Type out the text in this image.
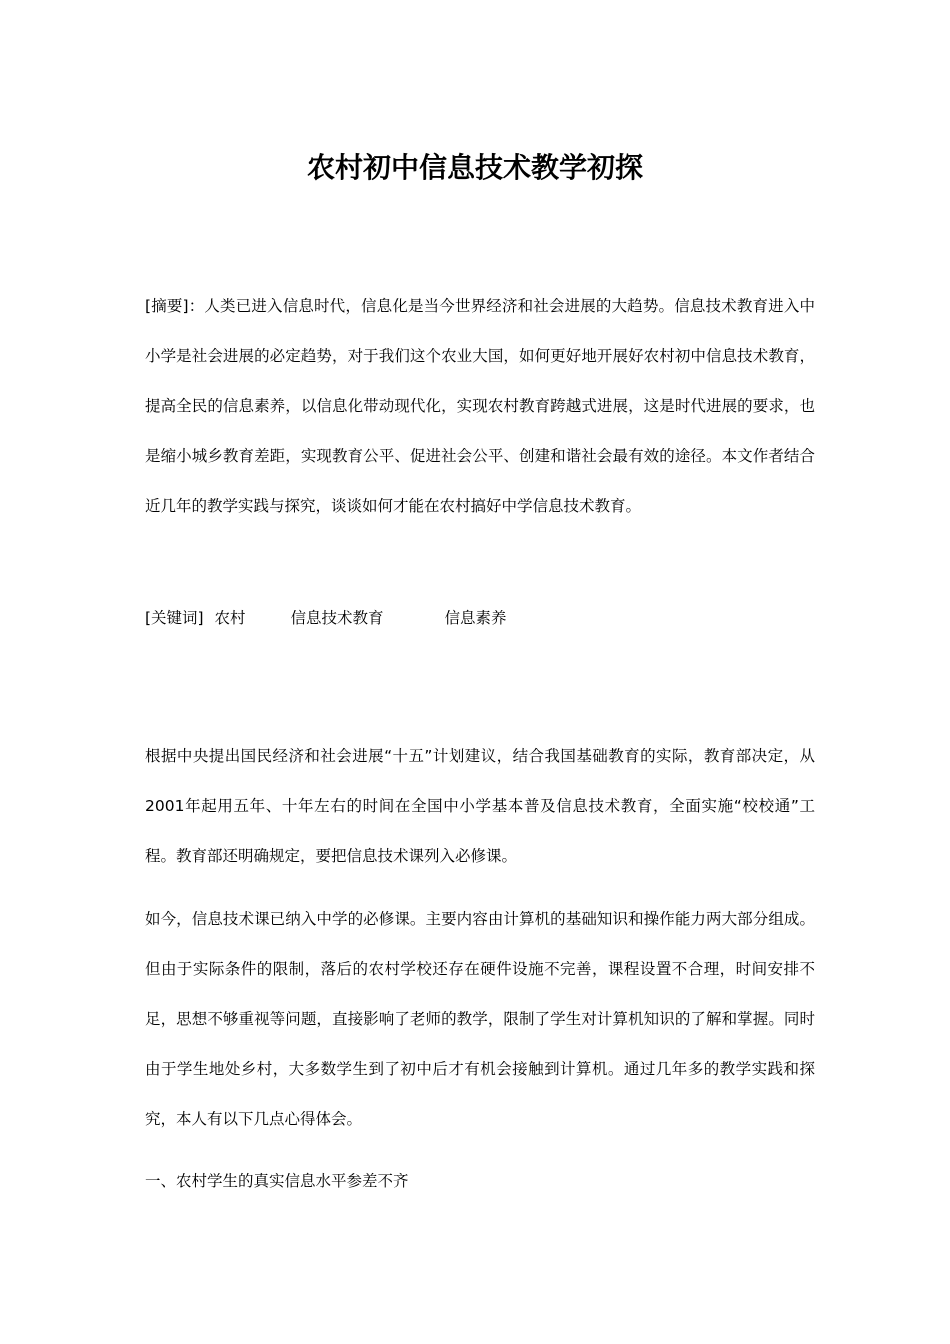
农村初中信息技术教学初探
[摘要]：人类已进入信息时代，信息化是当今世界经济和社会进展的大趋势。信息技术教育进入中小学是社会进展的必定趋势，对于我们这个农业大国，如何更好地开展好农村初中信息技术教育，提高全民的信息素养，以信息化带动现代化，实现农村教育跨越式进展，这是时代进展的要求，也是缩小城乡教育差距，实现教育公平、促进社会公平、创建和谐社会最有效的途径。本文作者结合近几年的教学实践与探究，谈谈如何才能在农村搞好中学信息技术教育。
[关键词] 农村	信息技术教育	信息素养
根据中央提出国民经济和社会进展“十五”计划建议，结合我国基础教育的实际，教育部决定，从2001年起用五年、十年左右的时间在全国中小学基本普及信息技术教育，全面实施“校校通”工程。教育部还明确规定，要把信息技术课列入必修课。
如今，信息技术课已纳入中学的必修课。主要内容由计算机的基础知识和操作能力两大部分组成。但由于实际条件的限制，落后的农村学校还存在硬件设施不完善，课程设置不合理，时间安排不足，思想不够重视等问题，直接影响了老师的教学，限制了学生对计算机知识的了解和掌握。同时由于学生地处乡村，大多数学生到了初中后才有机会接触到计算机。通过几年多的教学实践和探究，本人有以下几点心得体会。
一、农村学生的真实信息水平参差不齐
